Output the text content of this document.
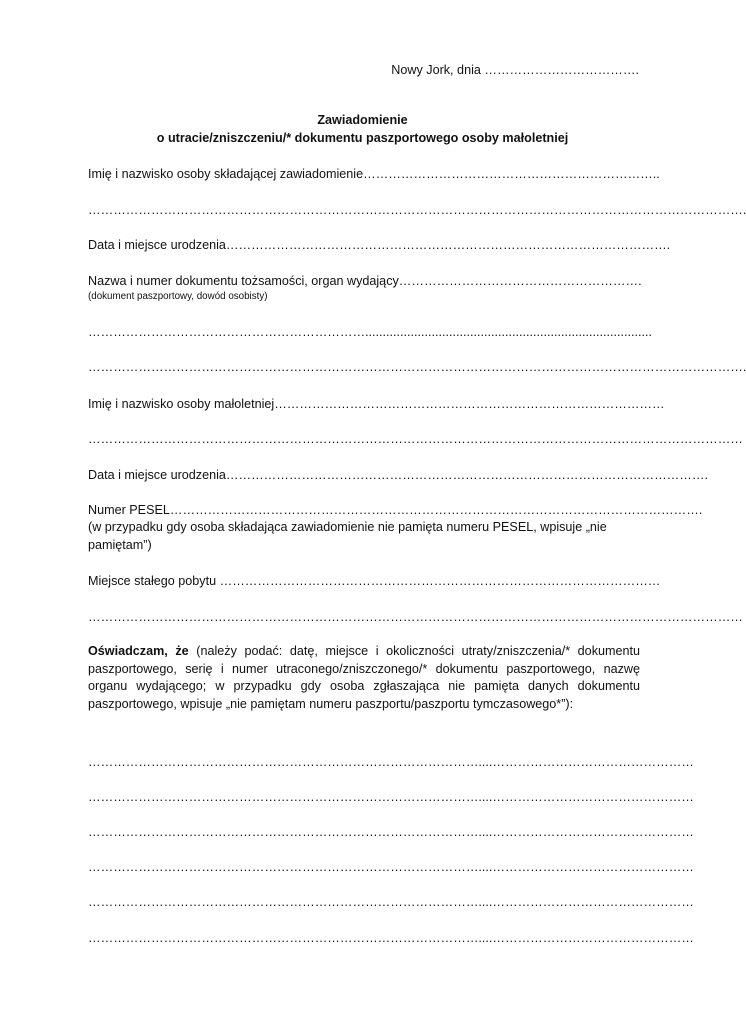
Nowy Jork, dnia ……………………………….
Zawiadomienie
o utracie/zniszczeniu/* dokumentu paszportowego osoby małoletniej
Imię i nazwisko osoby składającej zawiadomienie……………………………………………………………..
………………………………………………………………………………………………………………………………………….
Data i miejsce urodzenia…………………………………………………………………………………………….
Nazwa i numer dokumentu tożsamości, organ wydający………………………………………………….
(dokument paszportowy, dowód osobisty)
…………………………………………………………..................................................................................
………………………………………………………………………………………………………………………………………….
Imię i nazwisko osoby małoletniej…………………………………………………………………………………
…………………………………………………………………………………………………………………………………………
Data i miejsce urodzenia…………………………………………………………………………………………………….
Numer PESEL……………………………………………………………………………………………………………….
(w przypadku gdy osoba składająca zawiadomienie nie pamięta numeru PESEL, wpisuje „nie
pamiętam”)
Miejsce stałego pobytu ……………………………………………………………………………………………
…………………………………………………………………………………………………………………………………………
Oświadczam, że (należy podać: datę, miejsce i okoliczności utraty/zniszczenia/* dokumentu paszportowego, serię i numer utraconego/zniszczonego/* dokumentu paszportowego, nazwę organu wydającego; w przypadku gdy osoba zgłaszająca nie pamięta danych dokumentu paszportowego, wpisuje „nie pamiętam numeru paszportu/paszportu tymczasowego*”):
…………………………………………………………………………………....…………………………………………
…………………………………………………………………………………....…………………………………………
…………………………………………………………………………………....…………………………………………
…………………………………………………………………………………....…………………………………………
…………………………………………………………………………………....…………………………………………
…………………………………………………………………………………....…………………………………………
